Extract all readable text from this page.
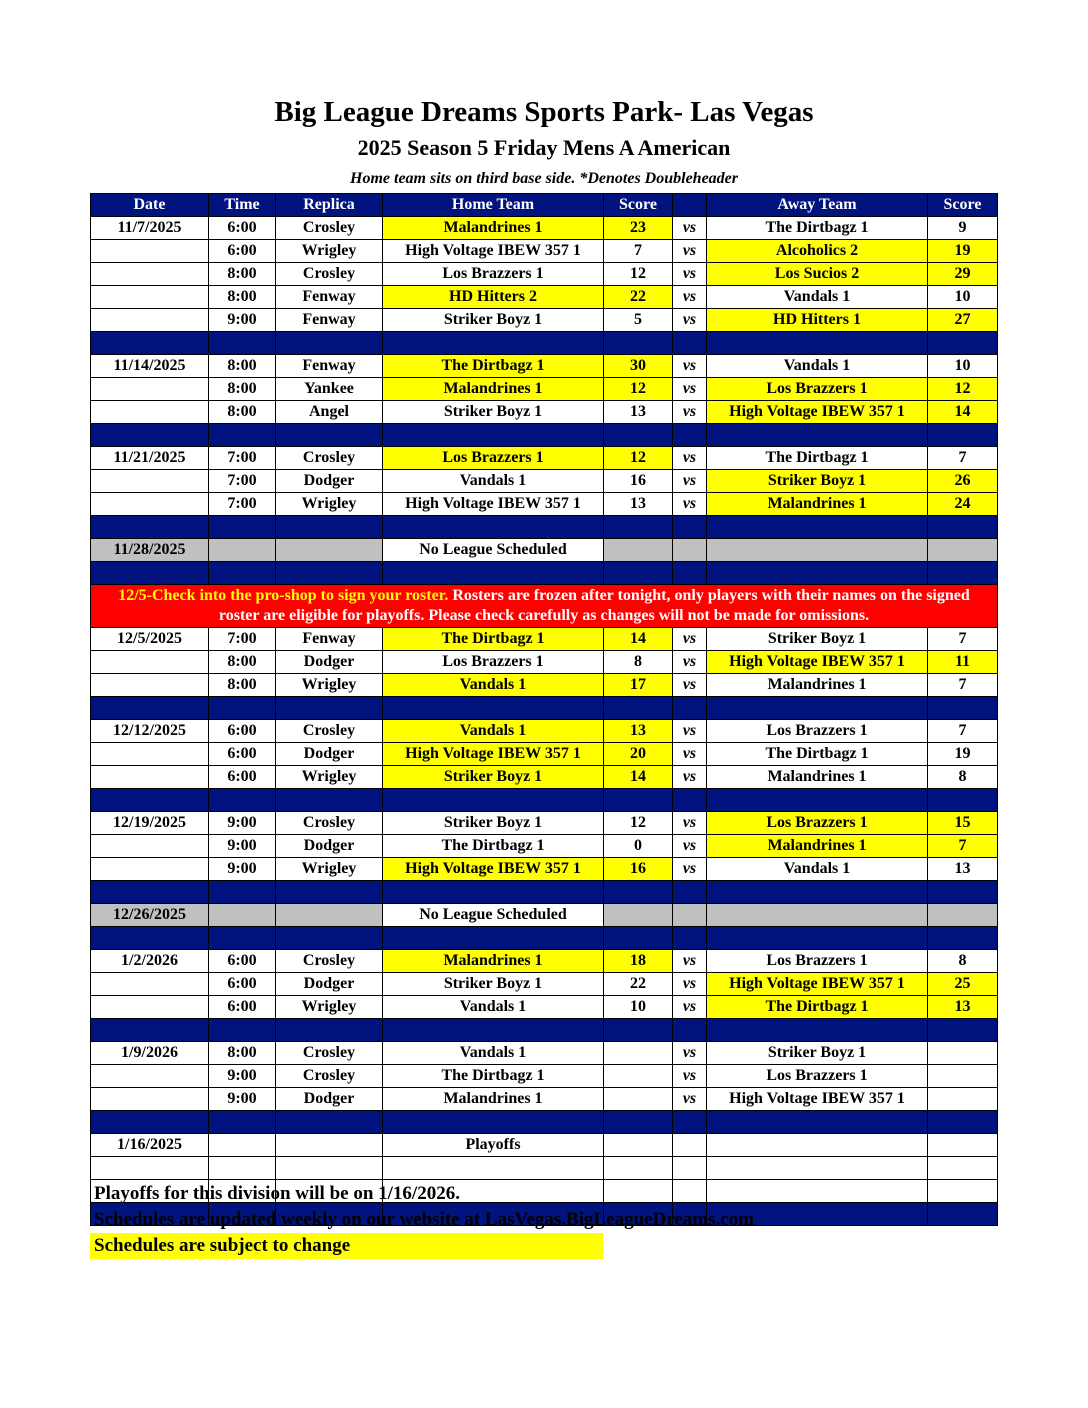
Big League Dreams Sports Park- Las Vegas
2025 Season 5 Friday Mens A American
Home team sits on third base side. *Denotes Doubleheader
Date	Time	Replica	Home Team	Score		Away Team	Score
11/7/2025	6:00	Crosley	Malandrines 1	23	vs	The Dirtbagz 1	9
	6:00	Wrigley	High Voltage IBEW 357 1	7	vs	Alcoholics 2	19
	8:00	Crosley	Los Brazzers 1	12	vs	Los Sucios 2	29
	8:00	Fenway	HD Hitters 2	22	vs	Vandals 1	10
	9:00	Fenway	Striker Boyz 1	5	vs	HD Hitters 1	27

11/14/2025	8:00	Fenway	The Dirtbagz 1	30	vs	Vandals 1	10
	8:00	Yankee	Malandrines 1	12	vs	Los Brazzers 1	12
	8:00	Angel	Striker Boyz 1	13	vs	High Voltage IBEW 357 1	14

11/21/2025	7:00	Crosley	Los Brazzers 1	12	vs	The Dirtbagz 1	7
	7:00	Dodger	Vandals 1	16	vs	Striker Boyz 1	26
	7:00	Wrigley	High Voltage IBEW 357 1	13	vs	Malandrines 1	24

11/28/2025			No League Scheduled				

12/5-Check into the pro-shop to sign your roster. Rosters are frozen after tonight, only players with their names on the signed roster are eligible for playoffs. Please check carefully as changes will not be made for omissions.							
12/5/2025	7:00	Fenway	The Dirtbagz 1	14	vs	Striker Boyz 1	7
	8:00	Dodger	Los Brazzers 1	8	vs	High Voltage IBEW 357 1	11
	8:00	Wrigley	Vandals 1	17	vs	Malandrines 1	7

12/12/2025	6:00	Crosley	Vandals 1	13	vs	Los Brazzers 1	7
	6:00	Dodger	High Voltage IBEW 357 1	20	vs	The Dirtbagz 1	19
	6:00	Wrigley	Striker Boyz 1	14	vs	Malandrines 1	8

12/19/2025	9:00	Crosley	Striker Boyz 1	12	vs	Los Brazzers 1	15
	9:00	Dodger	The Dirtbagz 1	0	vs	Malandrines 1	7
	9:00	Wrigley	High Voltage IBEW 357 1	16	vs	Vandals 1	13

12/26/2025			No League Scheduled				

1/2/2026	6:00	Crosley	Malandrines 1	18	vs	Los Brazzers 1	8
	6:00	Dodger	Striker Boyz 1	22	vs	High Voltage IBEW 357 1	25
	6:00	Wrigley	Vandals 1	10	vs	The Dirtbagz 1	13

1/9/2026	8:00	Crosley	Vandals 1		vs	Striker Boyz 1	
	9:00	Crosley	The Dirtbagz 1		vs	Los Brazzers 1	
	9:00	Dodger	Malandrines 1		vs	High Voltage IBEW 357 1	

1/16/2025			Playoffs				

Playoffs for this division will be on 1/16/2026.
Schedules are updated weekly on our website at LasVegas.BigLeagueDreams.com
Schedules are subject to change
